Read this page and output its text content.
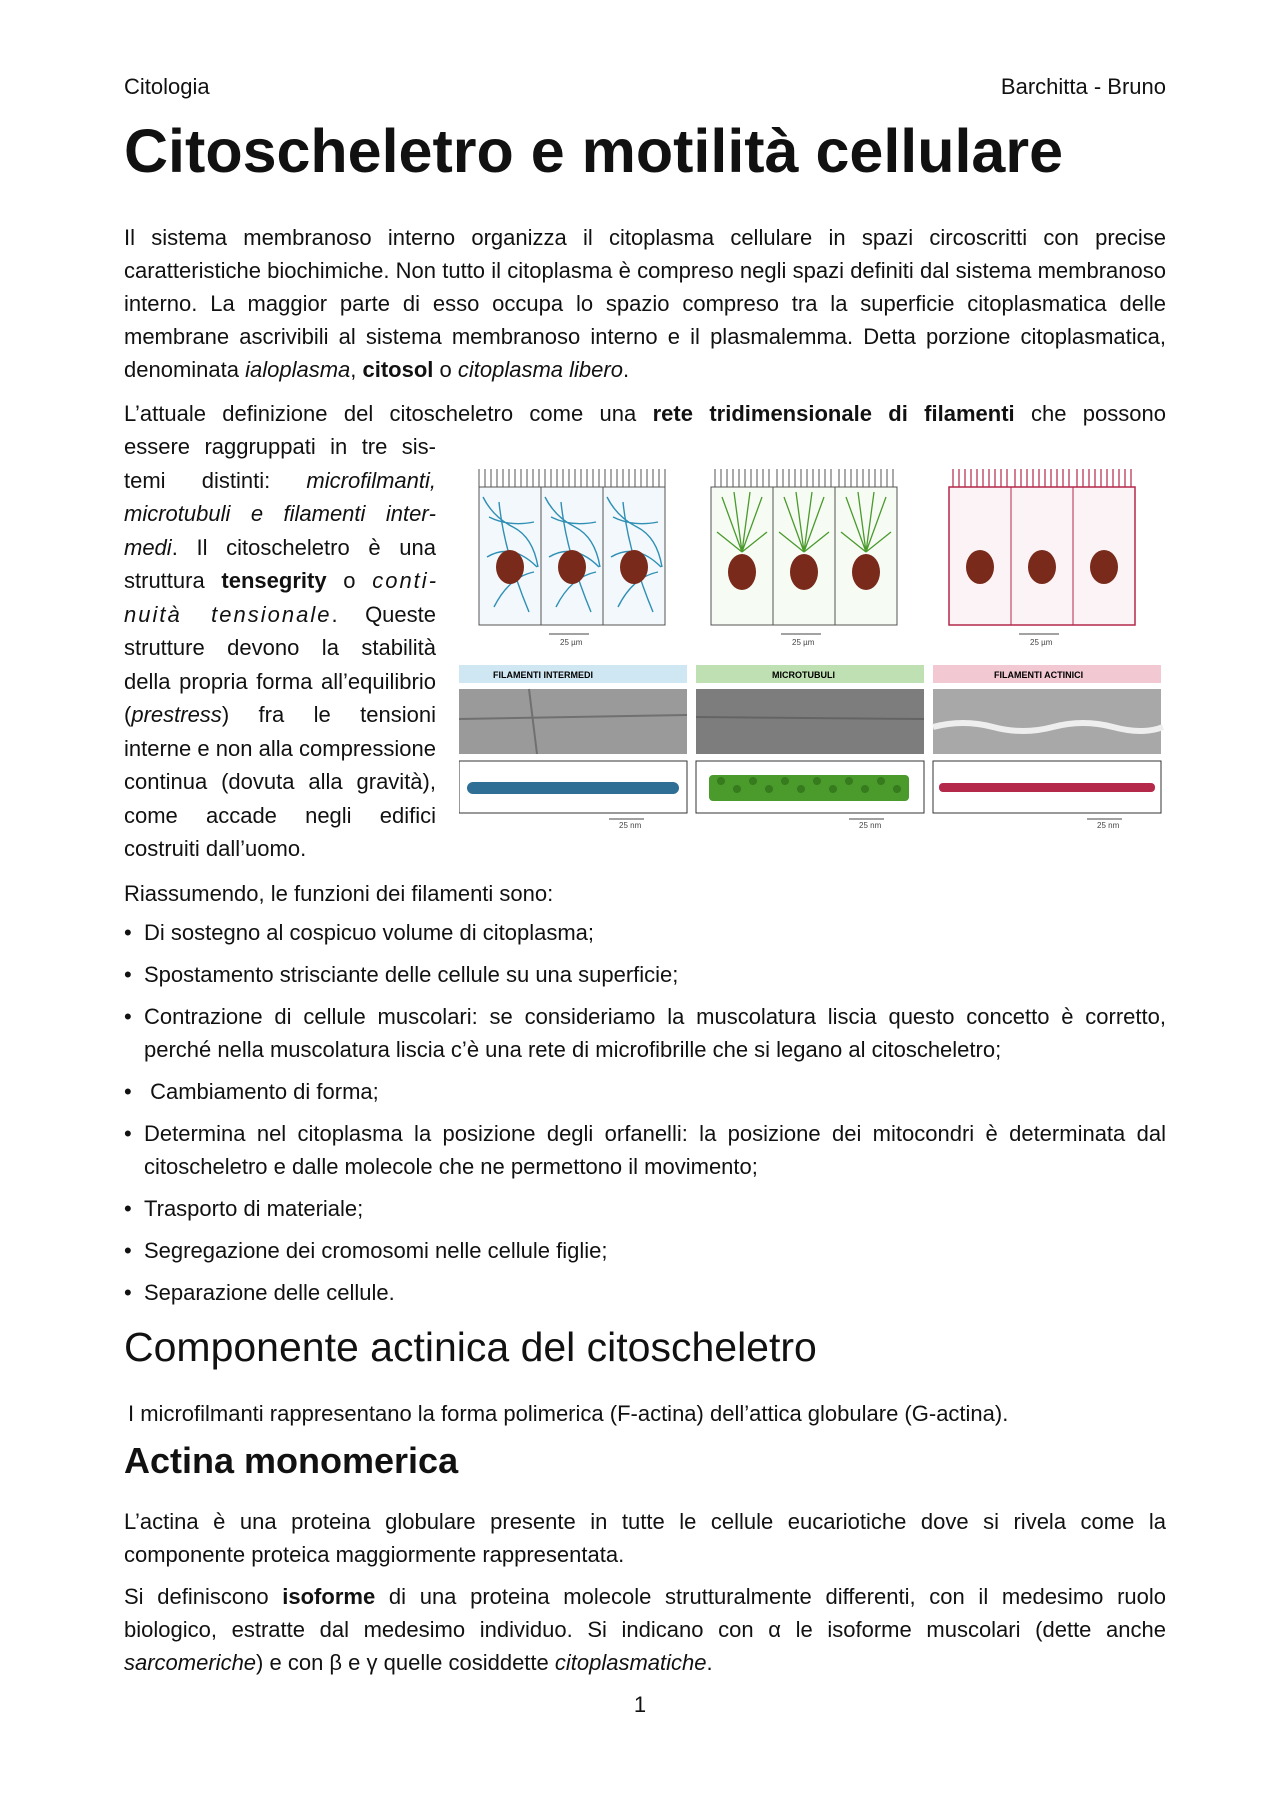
Citologia	Barchitta - Bruno
Citoscheletro e motilità cellulare

Il sistema membranoso interno organizza il citoplasma cellulare in spazi circoscritti con precise caratteristiche biochimiche. Non tutto il citoplasma è compreso negli spazi definiti dal sistema membranoso interno. La maggior parte di esso occupa lo spazio compreso tra la superficie citoplasmatica delle membrane ascrivibili al sistema membranoso interno e il plasmalemma. Detta porzione citoplasmatica, denominata ialoplasma, citosol o citoplasma libero.

L’attuale definizione del citoscheletro come una rete tridimensionale di filamenti che possono

essere raggruppati in tre sistemi distinti: microfilmanti, microtubuli e filamenti intermedi. Il citoscheletro è una struttura tensegrity o continuità tensionale. Queste strutture devono la stabilità della propria forma all’equilibrio (prestress) fra le tensioni interne e non alla compressione continua (dovuta alla gravità), come accade negli edifici costruiti dall’uomo.

25 µm	25 µm	25 µm
FILAMENTI INTERMEDI	MICROTUBULI	FILAMENTI ACTINICI
25 nm	25 nm	25 nm

Riassumendo, le funzioni dei filamenti sono:

• Di sostegno al cospicuo volume di citoplasma;
• Spostamento strisciante delle cellule su una superficie;
• Contrazione di cellule muscolari: se consideriamo la muscolatura liscia questo concetto è corretto, perché nella muscolatura liscia c’è una rete di microfibrille che si legano al citoscheletro;
•  Cambiamento di forma;
• Determina nel citoplasma la posizione degli orfanelli: la posizione dei mitocondri è determinata dal citoscheletro e dalle molecole che ne permettono il movimento;
• Trasporto di materiale;
• Segregazione dei cromosomi nelle cellule figlie;
• Separazione delle cellule.
Componente actinica del citoscheletro

I microfilmanti rappresentano la forma polimerica (F-actina) dell’attica globulare (G-actina).

Actina monomerica

L’actina è una proteina globulare presente in tutte le cellule eucariotiche dove si rivela come la componente proteica maggiormente rappresentata.

Si definiscono isoforme di una proteina molecole strutturalmente differenti, con il medesimo ruolo biologico, estratte dal medesimo individuo. Si indicano con α le isoforme muscolari (dette anche sarcomeriche) e con β e γ quelle cosiddette citoplasmatiche.

1
